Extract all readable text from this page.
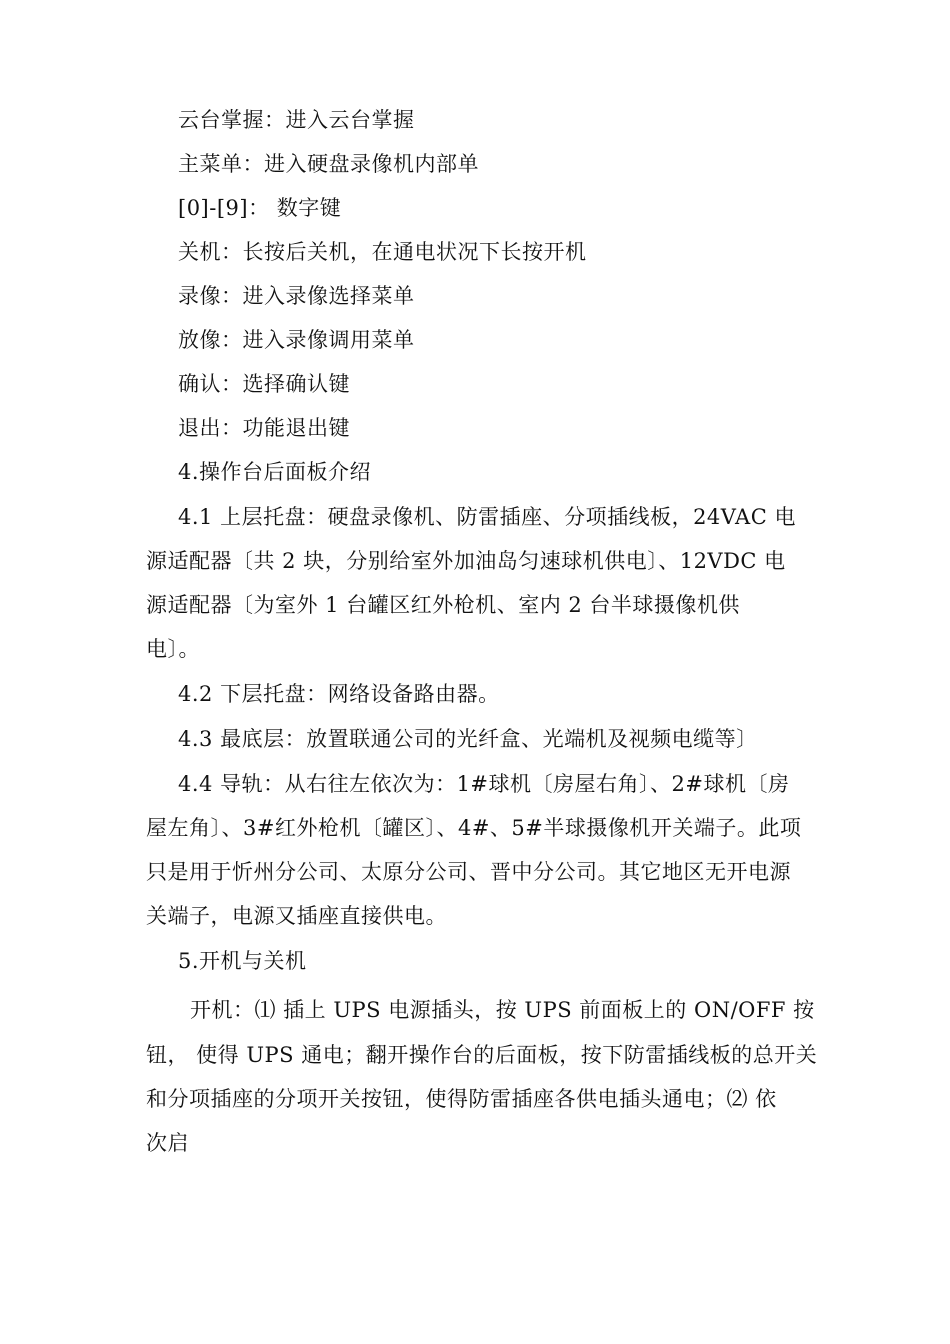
云台掌握：进入云台掌握
主菜单：进入硬盘录像机内部单
[0]-[9]： 数字键
关机：长按后关机，在通电状况下长按开机
录像：进入录像选择菜单
放像：进入录像调用菜单
确认：选择确认键
退出：功能退出键
4.操作台后面板介绍
4.1 上层托盘：硬盘录像机、防雷插座、分项插线板，24VAC 电
源适配器〔共 2 块，分别给室外加油岛匀速球机供电〕、12VDC 电
源适配器〔为室外 1 台罐区红外枪机、室内 2 台半球摄像机供
电〕。
4.2 下层托盘：网络设备路由器。
4.3 最底层：放置联通公司的光纤盒、光端机及视频电缆等〕
4.4 导轨：从右往左依次为：1#球机〔房屋右角〕、2#球机〔房
屋左角〕、3#红外枪机〔罐区〕、4#、5#半球摄像机开关端子。此项
只是用于忻州分公司、太原分公司、晋中分公司。其它地区无开电源
关端子，电源又插座直接供电。
5.开机与关机
开机：⑴ 插上 UPS 电源插头，按 UPS 前面板上的 ON/OFF 按
钮， 使得 UPS 通电；翻开操作台的后面板，按下防雷插线板的总开关
和分项插座的分项开关按钮，使得防雷插座各供电插头通电；⑵ 依
次启
